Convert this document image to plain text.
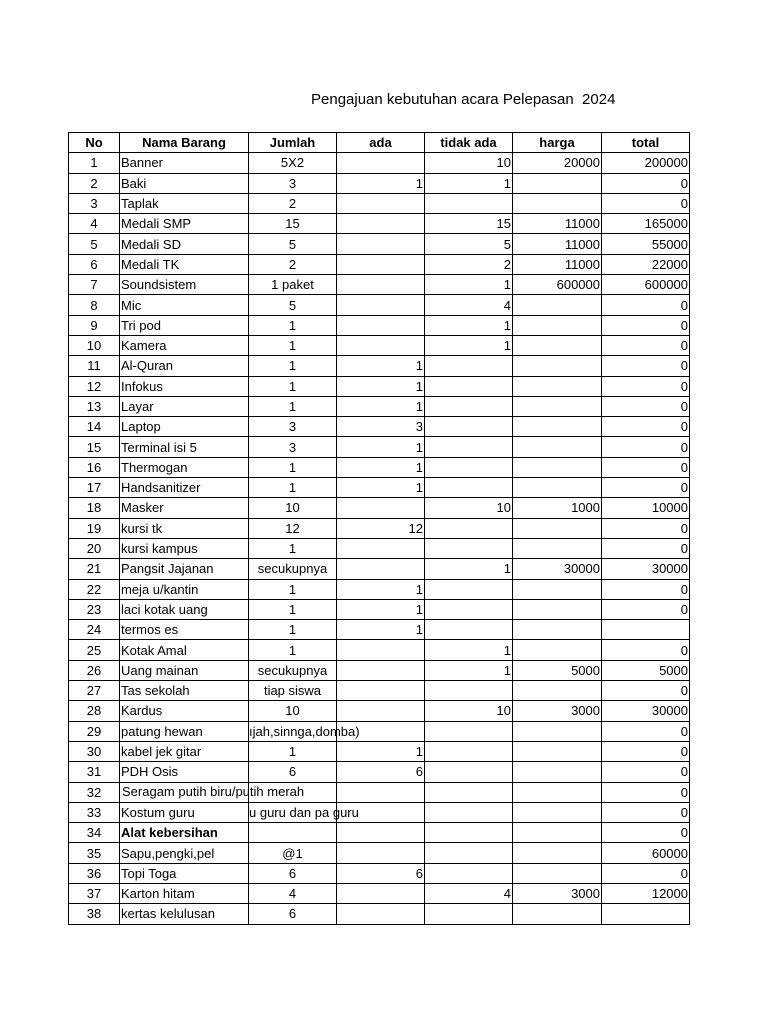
Pengajuan kebutuhan acara Pelepasan  2024
No	Nama Barang	Jumlah	ada	tidak ada	harga	total
1	Banner	5X2		10	20000	200000
2	Baki	3	1	1		0
3	Taplak	2				0
4	Medali SMP	15		15	11000	165000
5	Medali SD	5		5	11000	55000
6	Medali TK	2		2	11000	22000
7	Soundsistem	1 paket		1	600000	600000
8	Mic	5		4		0
9	Tri pod	1		1		0
10	Kamera	1		1		0
11	Al-Quran	1	1			0
12	Infokus	1	1			0
13	Layar	1	1			0
14	Laptop	3	3			0
15	Terminal isi 5	3	1			0
16	Thermogan	1	1			0
17	Handsanitizer	1	1			0
18	Masker	10		10	1000	10000
19	kursi tk	12	12			0
20	kursi kampus	1				0
21	Pangsit Jajanan	secukupnya		1	30000	30000
22	meja u/kantin	1	1			0
23	laci kotak uang	1	1			0
24	termos es	1	1			
25	Kotak Amal	1		1		0
26	Uang mainan	secukupnya		1	5000	5000
27	Tas sekolah	tiap siswa				0
28	Kardus	10		10	3000	30000
29	patung hewan	ıjah,sinnga,domba)				0
30	kabel jek gitar	1	1			0
31	PDH Osis	6	6			0
32	Seragam putih biru/putih merah					0
33	Kostum guru	u guru dan pa guru				0
34	Alat kebersihan					0
35	Sapu,pengki,pel	@1				60000
36	Topi Toga	6	6			0
37	Karton hitam	4		4	3000	12000
38	kertas kelulusan	6				
